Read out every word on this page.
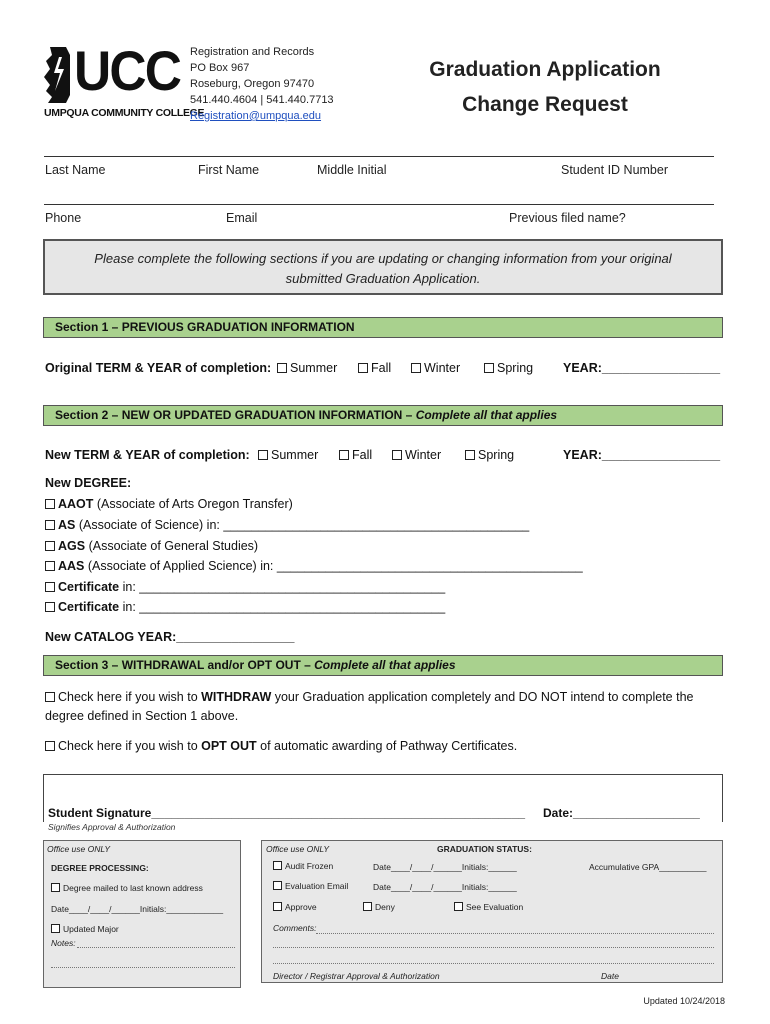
UCC
UMPQUA COMMUNITY COLLEGE
Registration and Records
PO Box 967
Roseburg, Oregon 97470
541.440.4604 | 541.440.7713
Registration@umpqua.edu
Graduation Application
Change Request
Last Name	First Name	Middle Initial	Student ID Number
Phone	Email	Previous filed name?
Please complete the following sections if you are updating or changing information from your original
submitted Graduation Application.
Section 1 – PREVIOUS GRADUATION INFORMATION
Original TERM & YEAR of completion:	Summer	Fall	Winter	Spring YEAR:_________________
Section 2 – NEW OR UPDATED GRADUATION INFORMATION – Complete all that applies
New TERM & YEAR of completion:	Summer	Fall	Winter	Spring	YEAR:_________________
New DEGREE:
AAOT (Associate of Arts Oregon Transfer)
AS (Associate of Science) in: ____________________________________________
AGS (Associate of General Studies)
AAS (Associate of Applied Science) in: ____________________________________________
Certificate in: ____________________________________________
Certificate in: ____________________________________________
New CATALOG YEAR:_________________
Section 3 – WITHDRAWAL and/or OPT OUT – Complete all that applies
Check here if you wish to WITHDRAW your Graduation application completely and DO NOT intend to complete the
degree defined in Section 1 above.
Check here if you wish to OPT OUT of automatic awarding of Pathway Certificates.
Student Signature________________________________________________________ Date:___________________
Signifies Approval & Authorization
Office use ONLY
DEGREE PROCESSING:
Degree mailed to last known address
Date____/____/______Initials:____________
Updated Major
Notes:
Office use ONLY	GRADUATION STATUS:
Audit Frozen	Date____/____/______Initials:______	Accumulative GPA__________
Evaluation Email	Date____/____/______Initials:______
Approve	Deny	See Evaluation
Comments:
Director / Registrar Approval & Authorization	Date
Updated 10/24/2018
